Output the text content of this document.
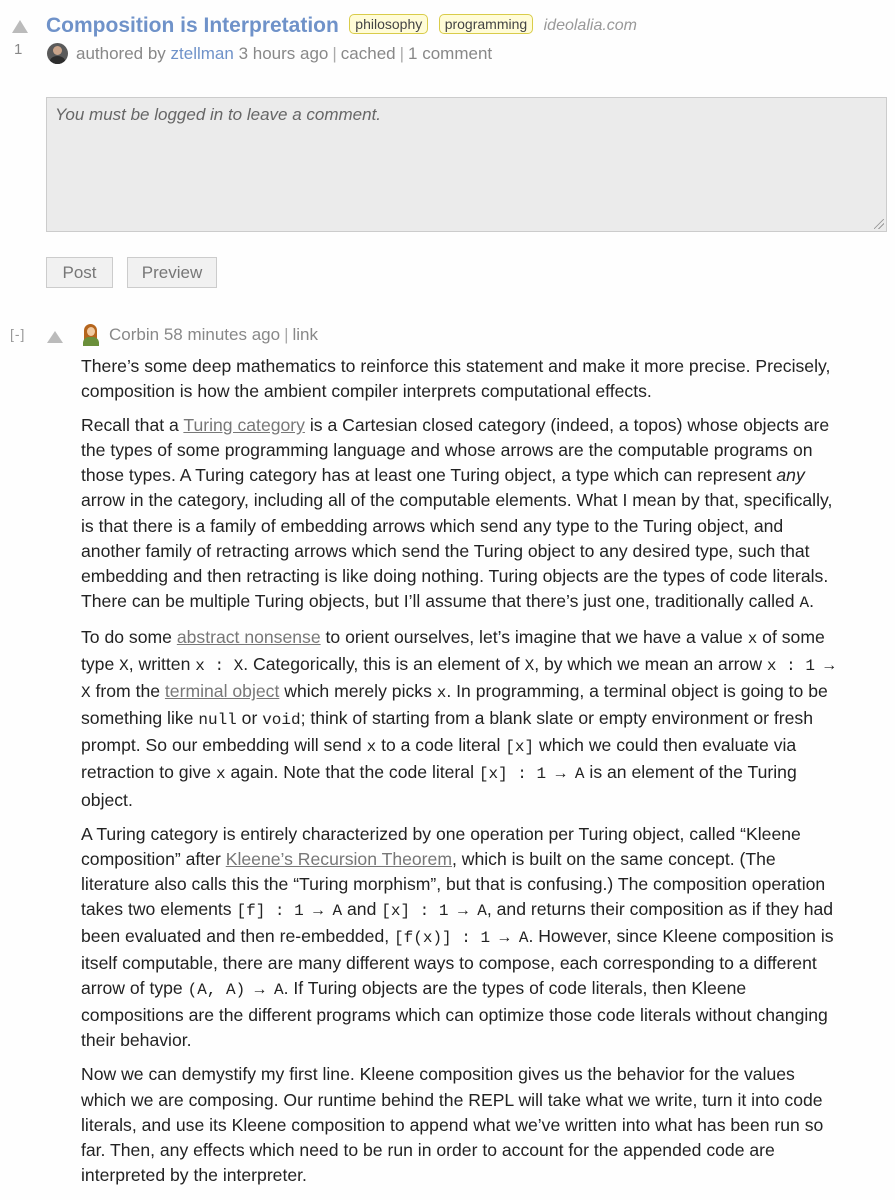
1
Composition is Interpretation philosophy programming ideolalia.com
authored by
ztellman
3 hours ago | cached | 1 comment
You must be logged in to leave a comment.
Post	Preview
[-]	Corbin
58 minutes ago | link

There’s some deep mathematics to reinforce this statement and make it more precise. Precisely, composition is how the ambient compiler interprets computational effects.

Recall that a Turing category is a Cartesian closed category (indeed, a topos) whose objects are the types of some programming language and whose arrows are the computable programs on those types. A Turing category has at least one Turing object, a type which can represent any arrow in the category, including all of the computable elements. What I mean by that, specifically, is that there is a family of embedding arrows which send any type to the Turing object, and another family of retracting arrows which send the Turing object to any desired type, such that embedding and then retracting is like doing nothing. Turing objects are the types of code literals. There can be multiple Turing objects, but I’ll assume that there’s just one, traditionally called A.

To do some abstract nonsense to orient ourselves, let’s imagine that we have a value x of some type X, written x : X. Categorically, this is an element of X, by which we mean an arrow x : 1 → X from the terminal object which merely picks x. In programming, a terminal object is going to be something like null or void; think of starting from a blank slate or empty environment or fresh prompt. So our embedding will send x to a code literal [x] which we could then evaluate via retraction to give x again. Note that the code literal [x] : 1 → A is an element of the Turing object.

A Turing category is entirely characterized by one operation per Turing object, called “Kleene composition” after Kleene’s Recursion Theorem, which is built on the same concept. (The literature also calls this the “Turing morphism”, but that is confusing.) The composition operation takes two elements [f] : 1 → A and [x] : 1 → A, and returns their composition as if they had been evaluated and then re-embedded, [f(x)] : 1 → A. However, since Kleene composition is itself computable, there are many different ways to compose, each corresponding to a different arrow of type (A, A) → A. If Turing objects are the types of code literals, then Kleene compositions are the different programs which can optimize those code literals without changing their behavior.

Now we can demystify my first line. Kleene composition gives us the behavior for the values which we are composing. Our runtime behind the REPL will take what we write, turn it into code literals, and use its Kleene composition to append what we’ve written into what has been run so far. Then, any effects which need to be run in order to account for the appended code are interpreted by the interpreter.
